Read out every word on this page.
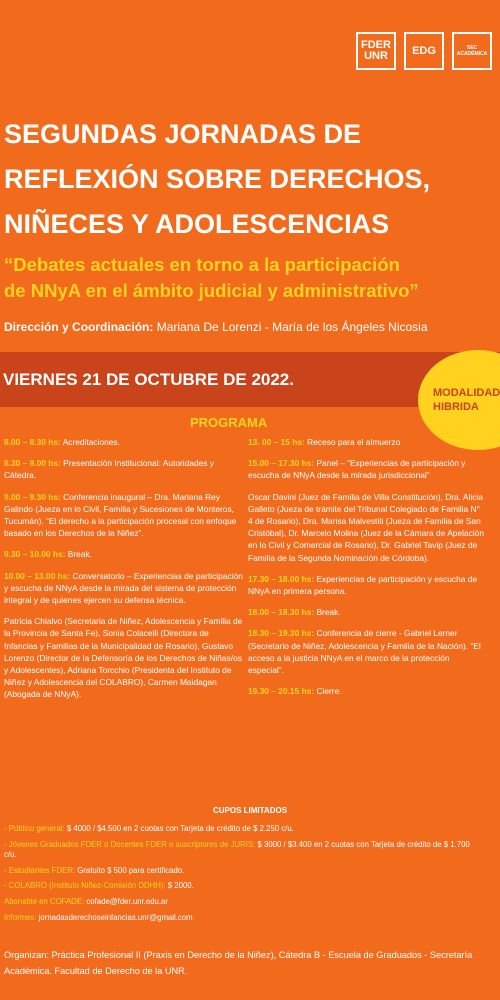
FDER UNR	EDG	SEC ACADÉMICA
SEGUNDAS JORNADAS DE
REFLEXIÓN SOBRE DERECHOS,
NIÑECES Y ADOLESCENCIAS
“Debates actuales en torno a la participación
de NNyA en el ámbito judicial y administrativo”
Dirección y Coordinación: Mariana De Lorenzi - María de los Ángeles Nicosia
VIERNES 21 DE OCTUBRE DE 2022.
MODALIDAD
HIBRIDA
PROGRAMA
8.00 – 8.30 hs: Acreditaciones.
8.30 – 9.00 hs: Presentación Institucional: Autoridades y Cátedra.
9.00 – 9.30 hs: Conferencia inaugural – Dra. Mariana Rey Galindo (Jueza en lo Civil, Familia y Sucesiones de Monteros, Tucumán). “El derecho a la participación procesal con enfoque basado en los Derechos de la Niñez”.
9.30 – 10.00 hs: Break.
10.00 – 13.00 hs: Conversatorio – Experiencias de participación y escucha de NNyA desde la mirada del sistema de protección integral y de quienes ejercen su defensa técnica.
Patricia Chialvo (Secretaria de Niñez, Adolescencia y Familia de la Provincia de Santa Fe), Sonia Colacelli (Directora de Infancias y Familias de la Municipalidad de Rosario), Gustavo Lorenzo (Director de la Defensoría de los Derechos de Niñas/os y Adolescentes), Adriana Torcchio (Presidenta del Instituto de Niñez y Adolescencia del COLABRO), Carmen Maidagan (Abogada de NNyA).
13. 00 – 15 hs: Receso para el almuerzo
15.00 – 17.30 hs: Panel – “Experiencias de participación y escucha de NNyA desde la mirada jurisdiccional”
Oscar Davini (Juez de Familia de Villa Constitución), Dra. Alicia Galleto (Jueza de trámite del Tribunal Colegiado de Familia N° 4 de Rosario), Dra. Marisa Malvestiti (Jueza de Familia de San Cristóbal), Dr. Marcelo Molina (Juez de la Cámara de Apelación en lo Civil y Comercial de Rosario), Dr. Gabriel Tavip (Juez de Familia de la Segunda Nominación de Córdoba).
17.30 – 18.00 hs: Experiencias de participación y escucha de NNyA en primera persona.
18.00 – 18.30 hs: Break.
18.30 – 19.30 hs: Conferencia de cierre - Gabriel Lerner (Secretario de Niñez, Adolescencia y Familia de la Nación). “El acceso a la justicia NNyA en el marco de la protección especial”.
19.30 – 20.15 hs: Cierre.
CUPOS LIMITADOS
- Público general: $ 4000 / $4.500 en 2 cuotas con Tarjeta de crédito de $ 2.250 c/u.
- Jóvenes Graduados FDER o Docentes FDER o suscriptores de JURIS: $ 3000 / $3.400 en 2 cuotas con Tarjeta de crédito de $ 1.700 c/u.
- Estudiantes FDER: Gratuito $ 500 para certificado.
- COLABRO (Instituto Niñez-Comisión DDHH): $ 2000.
Abonable en COFADE: cofade@fder.unr.edu.ar
Informes: jornadasderechoseinfancias.unr@gmail.com
Organizan: Práctica Profesional II (Praxis en Derecho de la Niñez), Cátedra B - Escuela de Graduados - Secretaría Académica. Facultad de Derecho de la UNR.
